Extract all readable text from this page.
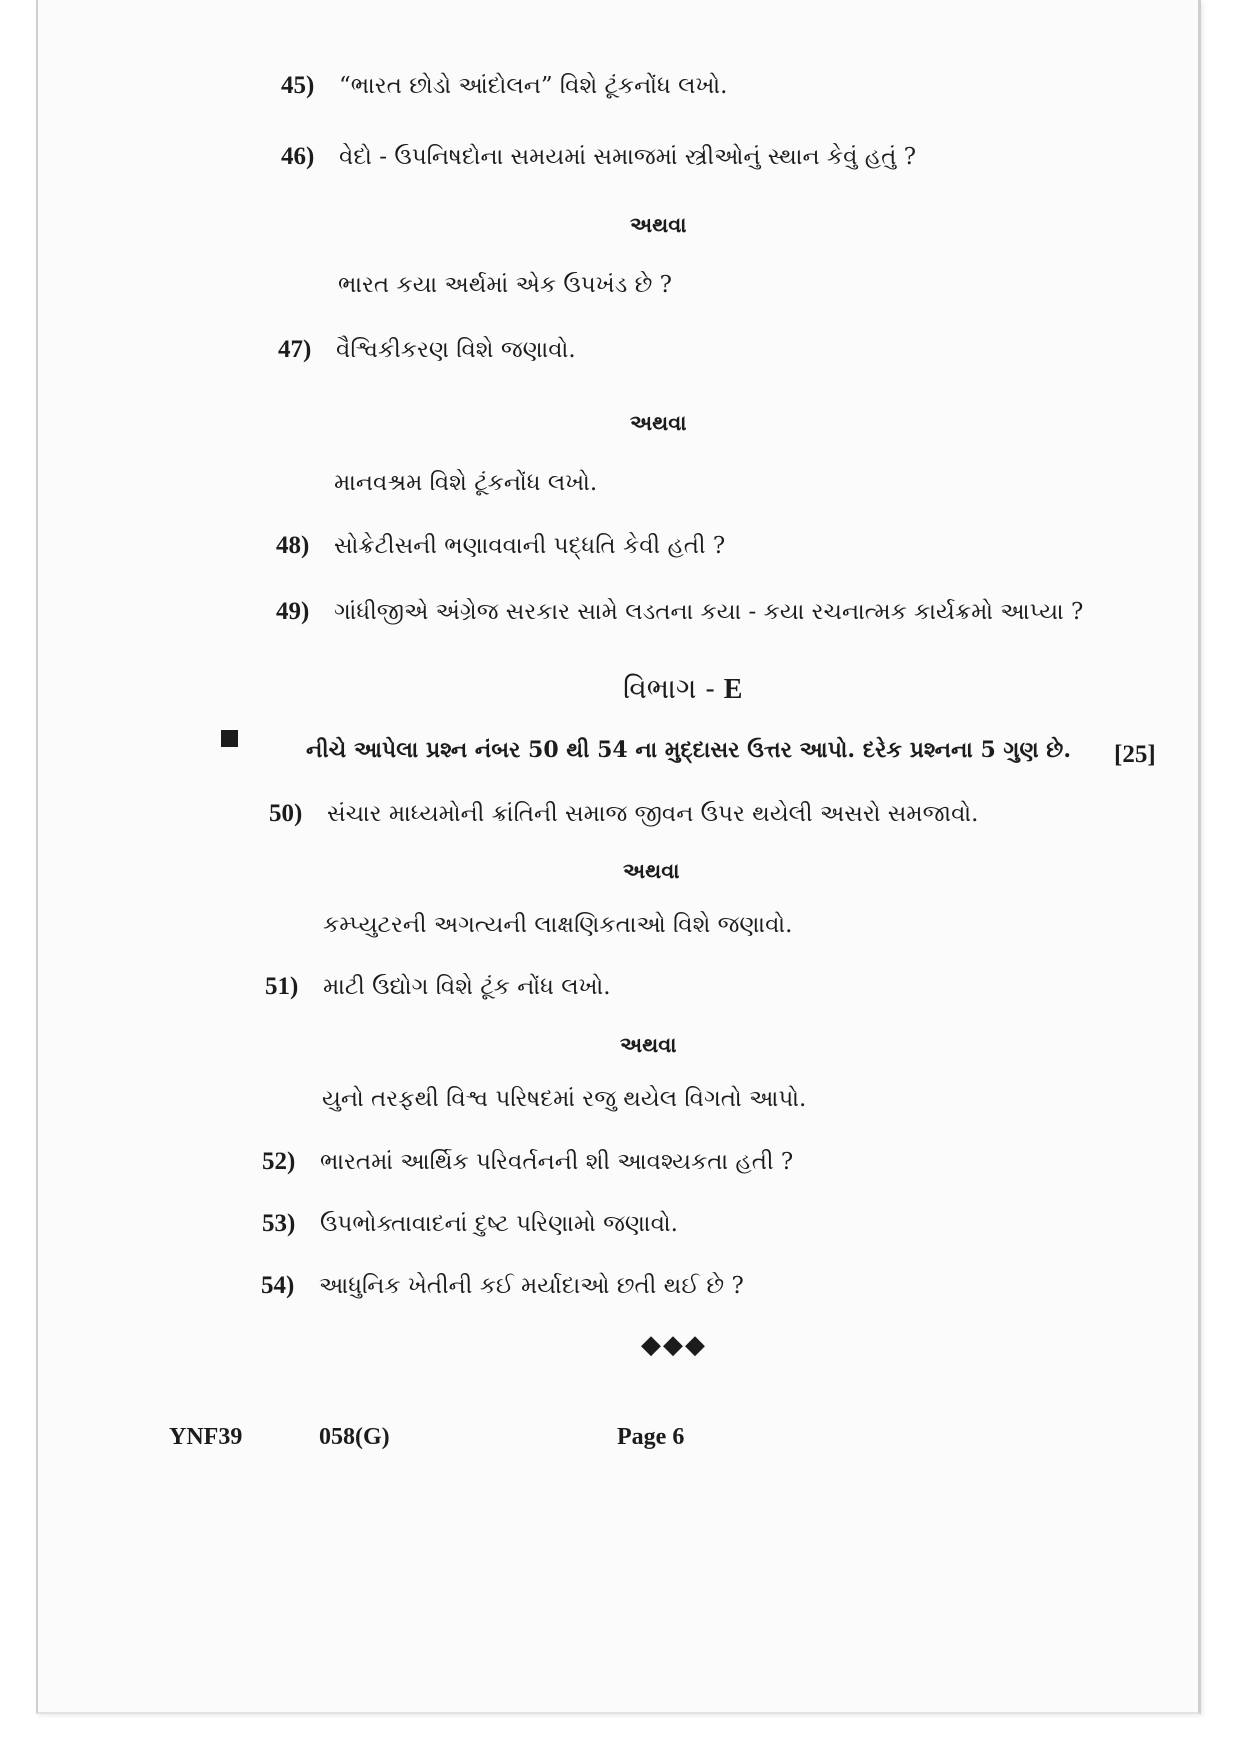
45)	“ભારત છોડો આંદોલન” વિશે ટૂંકનોંધ લખો.
46)	વેદો - ઉપનિષદોના સમયમાં સમાજમાં સ્ત્રીઓનું સ્થાન કેવું હતું ?
અથવા
ભારત કયા અર્થમાં એક ઉપખંડ છે ?
47)	વૈશ્વિકીકરણ વિશે જણાવો.
અથવા
માનવશ્રમ વિશે ટૂંકનોંધ લખો.
48)	સોક્રેટીસની ભણાવવાની પદ્ધતિ કેવી હતી ?
49)	ગાંધીજીએ અંગ્રેજ સરકાર સામે લડતના કયા - કયા રચનાત્મક કાર્યક્રમો આપ્યા ?
વિભાગ - E
નીચે આપેલા પ્રશ્ન નંબર 50 થી 54 ના મુદ્દાસર ઉત્તર આપો. દરેક પ્રશ્નના 5 ગુણ છે. [25]
50)	સંચાર માધ્યમોની ક્રાંતિની સમાજ જીવન ઉપર થયેલી અસરો સમજાવો.
અથવા
કમ્પ્યુટરની અગત્યની લાક્ષણિકતાઓ વિશે જણાવો.
51)	માટી ઉદ્યોગ વિશે ટૂંક નોંધ લખો.
અથવા
યુનો તરફથી વિશ્વ પરિષદમાં રજુ થયેલ વિગતો આપો.
52)	ભારતમાં આર્થિક પરિવર્તનની શી આવશ્યકતા હતી ?
53)	ઉપભોક્તાવાદનાં દુષ્ટ પરિણામો જણાવો.
54)	આધુનિક ખેતીની કઈ મર્યાદાઓ છતી થઈ છે ?
◆◆◆
YNF39	058(G)	Page 6
